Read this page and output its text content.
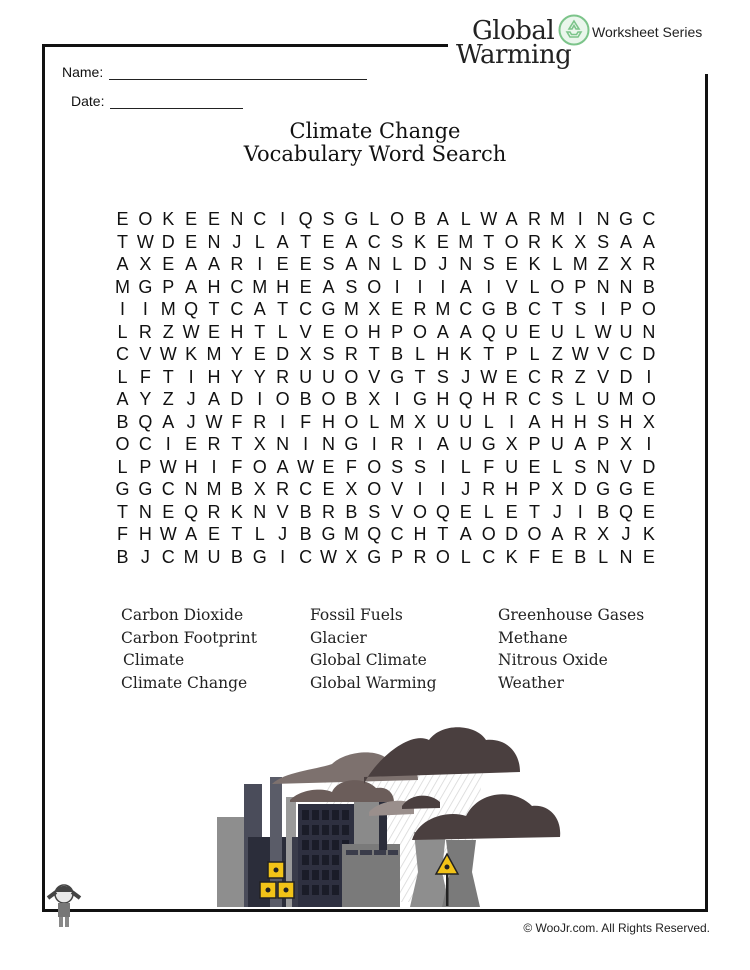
Global
Warming
Worksheet Series
Name:
Date:
Climate Change
Vocabulary Word Search
E O K E E N C I Q S G L O B A L W A R M I N G C
T W D E N J L A T E A C S K E M T O R K X S A A
A X E A A R I E E S A N L D J N S E K L M Z X R
M G P A H C M H E A S O I I I A I V L O P N N B
I I M Q T C A T C G M X E R M C G B C T S I P O
L R Z W E H T L V E O H P O A A Q U E U L W U N
C V W K M Y E D X S R T B L H K T P L Z W V C D
L F T I H Y Y R U U O V G T S J W E C R Z V D I
A Y Z J A D I O B O B X I G H Q H R C S L U M O
B Q A J W F R I F H O L M X U U L I A H H S H X
O C I E R T X N I N G I R I A U G X P U A P X I
L P W H I F O A W E F O S S I L F U E L S N V D
G G C N M B X R C E X O V I I J R H P X D G G E
T N E Q R K N V B R B S V O Q E L E T J I B Q E
F H W A E T L J B G M Q C H T A O D O A R X J K
B J C M U B G I C W X G P R O L C K F E B L N E
Carbon Dioxide
Carbon Footprint
Climate
Climate Change
Fossil Fuels
Glacier
Global Climate
Global Warming
Greenhouse Gases
Methane
Nitrous Oxide
Weather
© WooJr.com. All Rights Reserved.
